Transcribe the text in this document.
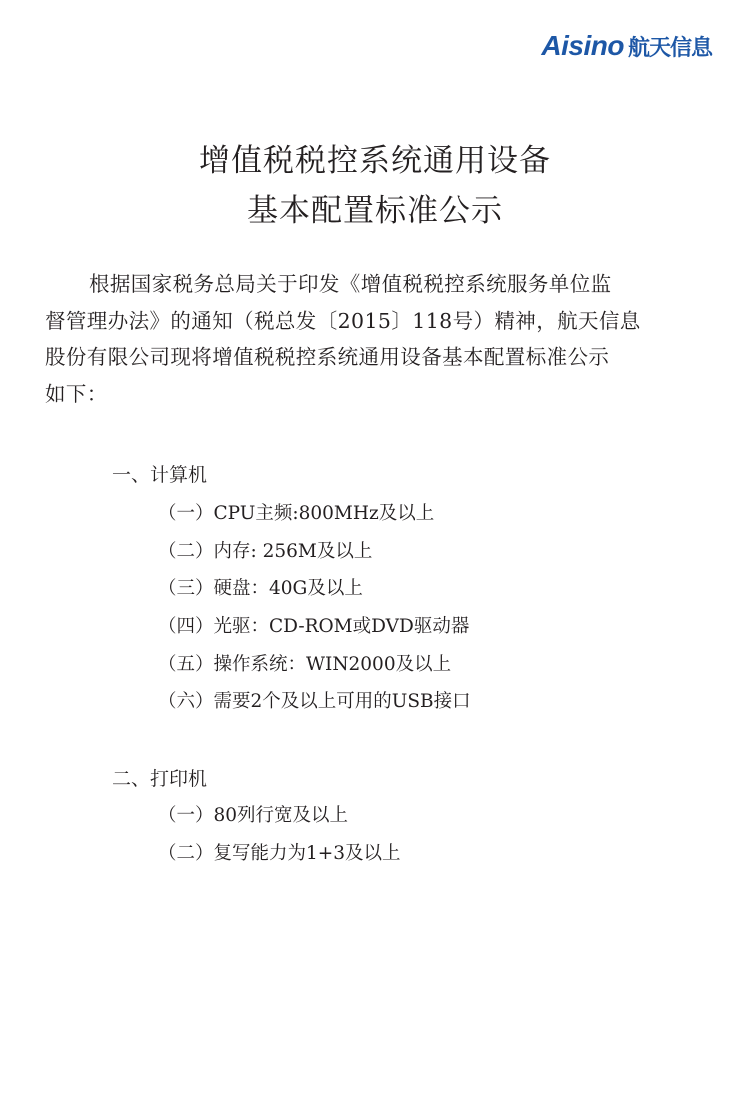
Aisino 航天信息
增值税税控系统通用设备
基本配置标准公示
根据国家税务总局关于印发《增值税税控系统服务单位监
督管理办法》的通知（税总发〔2015〕118号）精神，航天信息
股份有限公司现将增值税税控系统通用设备基本配置标准公示
如下：
一、计算机
（一）CPU主频:800MHz及以上
（二）内存: 256M及以上
（三）硬盘：40G及以上
（四）光驱：CD-ROM或DVD驱动器
（五）操作系统：WIN2000及以上
（六）需要2个及以上可用的USB接口
二、打印机
（一）80列行宽及以上
（二）复写能力为1+3及以上
